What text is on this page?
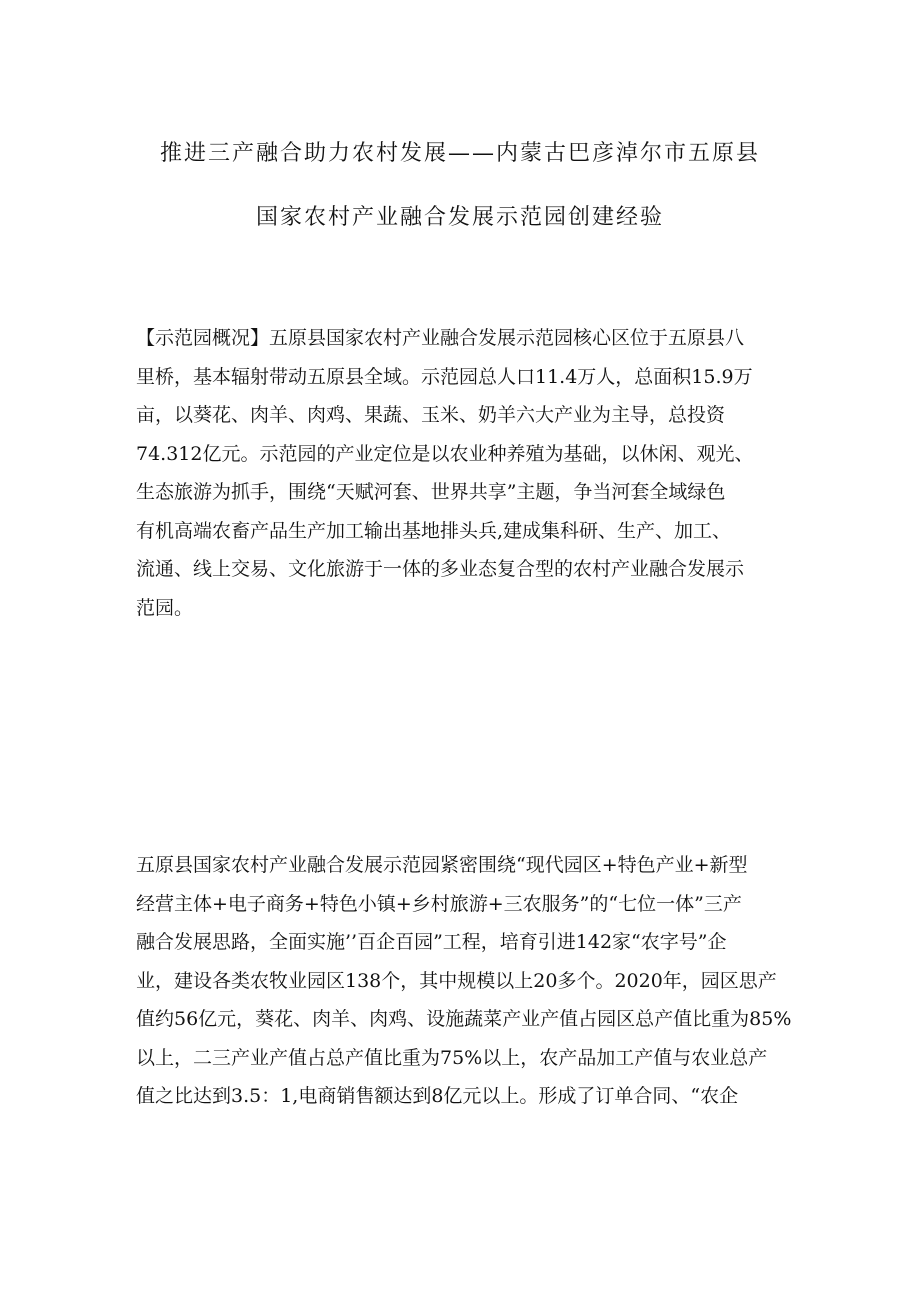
推进三产融合助力农村发展——内蒙古巴彦淖尔市五原县
国家农村产业融合发展示范园创建经验
【示范园概况】五原县国家农村产业融合发展示范园核心区位于五原县八
里桥，基本辐射带动五原县全域。示范园总人口11.4万人，总面积15.9万
亩，以葵花、肉羊、肉鸡、果蔬、玉米、奶羊六大产业为主导，总投资
74.312亿元。示范园的产业定位是以农业种养殖为基础，以休闲、观光、
生态旅游为抓手，围绕“天赋河套、世界共享”主题，争当河套全域绿色
有机高端农畜产品生产加工输出基地排头兵,建成集科研、生产、加工、
流通、线上交易、文化旅游于一体的多业态复合型的农村产业融合发展示
范园。
五原县国家农村产业融合发展示范园紧密围绕“现代园区+特色产业+新型
经营主体+电子商务+特色小镇+乡村旅游+三农服务”的“七位一体”三产
融合发展思路，全面实施’’百企百园”工程，培育引进142家“农字号”企
业，建设各类农牧业园区138个，其中规模以上20多个。2020年，园区思产
值约56亿元，葵花、肉羊、肉鸡、设施蔬菜产业产值占园区总产值比重为85%
以上，二三产业产值占总产值比重为75%以上，农产品加工产值与农业总产
值之比达到3.5：1,电商销售额达到8亿元以上。形成了订单合同、“农企
